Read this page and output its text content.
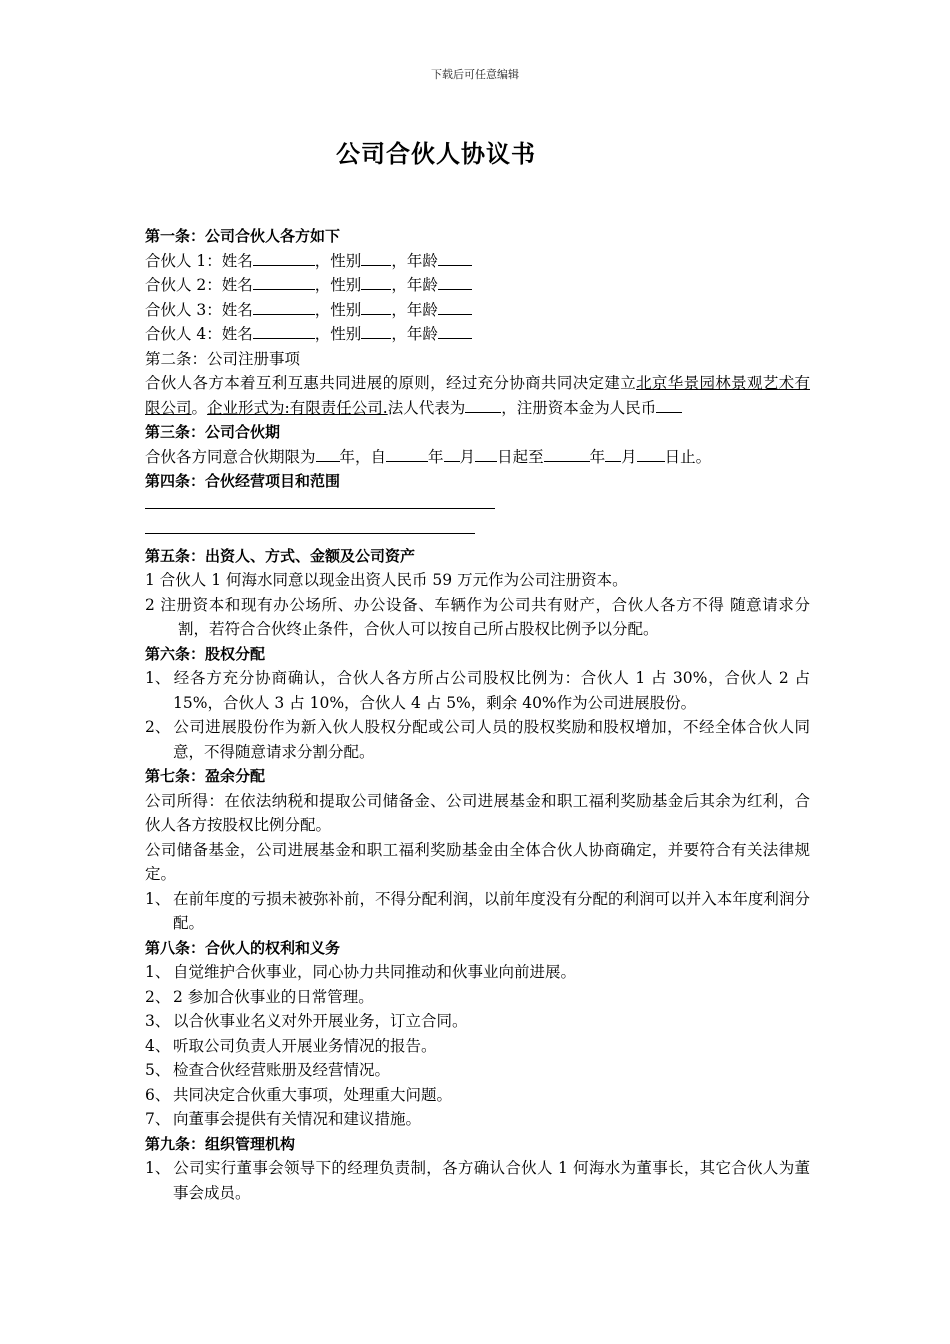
下载后可任意编辑
公司合伙人协议书
第一条：公司合伙人各方如下
合伙人 1：姓名	，性别 ，年龄
合伙人 2：姓名	，性别 ，年龄
合伙人 3：姓名	，性别 ，年龄
合伙人 4：姓名	，性别 ，年龄
第二条：公司注册事项
合伙人各方本着互利互惠共同进展的原则，经过充分协商共同决定建立北京华景园林景观艺术有限公司。企业形式为:有限责任公司.法人代表为 ，注册资本金为人民币
第三条：公司合伙期
合伙各方同意合伙期限为 年，自	年 月 日起至	年 月 日止。
第四条：合伙经营项目和范围
第五条：出资人、方式、金额及公司资产
1 合伙人 1 何海水同意以现金出资人民币 59 万元作为公司注册资本。
2 注册资本和现有办公场所、办公设备、车辆作为公司共有财产，合伙人各方不得 随意请求分割，若符合合伙终止条件，合伙人可以按自己所占股权比例予以分配。
第六条：股权分配
1、 经各方充分协商确认，合伙人各方所占公司股权比例为：合伙人 1 占 30%，合伙人 2 占 15%，合伙人 3 占 10%，合伙人 4 占 5%，剩余 40%作为公司进展股份。
2、 公司进展股份作为新入伙人股权分配或公司人员的股权奖励和股权增加，不经全体合伙人同意，不得随意请求分割分配。
第七条：盈余分配
公司所得：在依法纳税和提取公司储备金、公司进展基金和职工福利奖励基金后其余为红利，合伙人各方按股权比例分配。
公司储备基金，公司进展基金和职工福利奖励基金由全体合伙人协商确定，并要符合有关法律规定。
1、 在前年度的亏损未被弥补前，不得分配利润，以前年度没有分配的利润可以并入本年度利润分配。
第八条：合伙人的权利和义务
1、 自觉维护合伙事业，同心协力共同推动和伙事业向前进展。
2、 2 参加合伙事业的日常管理。
3、 以合伙事业名义对外开展业务，订立合同。
4、 听取公司负责人开展业务情况的报告。
5、 检查合伙经营账册及经营情况。
6、 共同决定合伙重大事项，处理重大问题。
7、 向董事会提供有关情况和建议措施。
第九条：组织管理机构
1、 公司实行董事会领导下的经理负责制，各方确认合伙人 1 何海水为董事长，其它合伙人为董事会成员。
